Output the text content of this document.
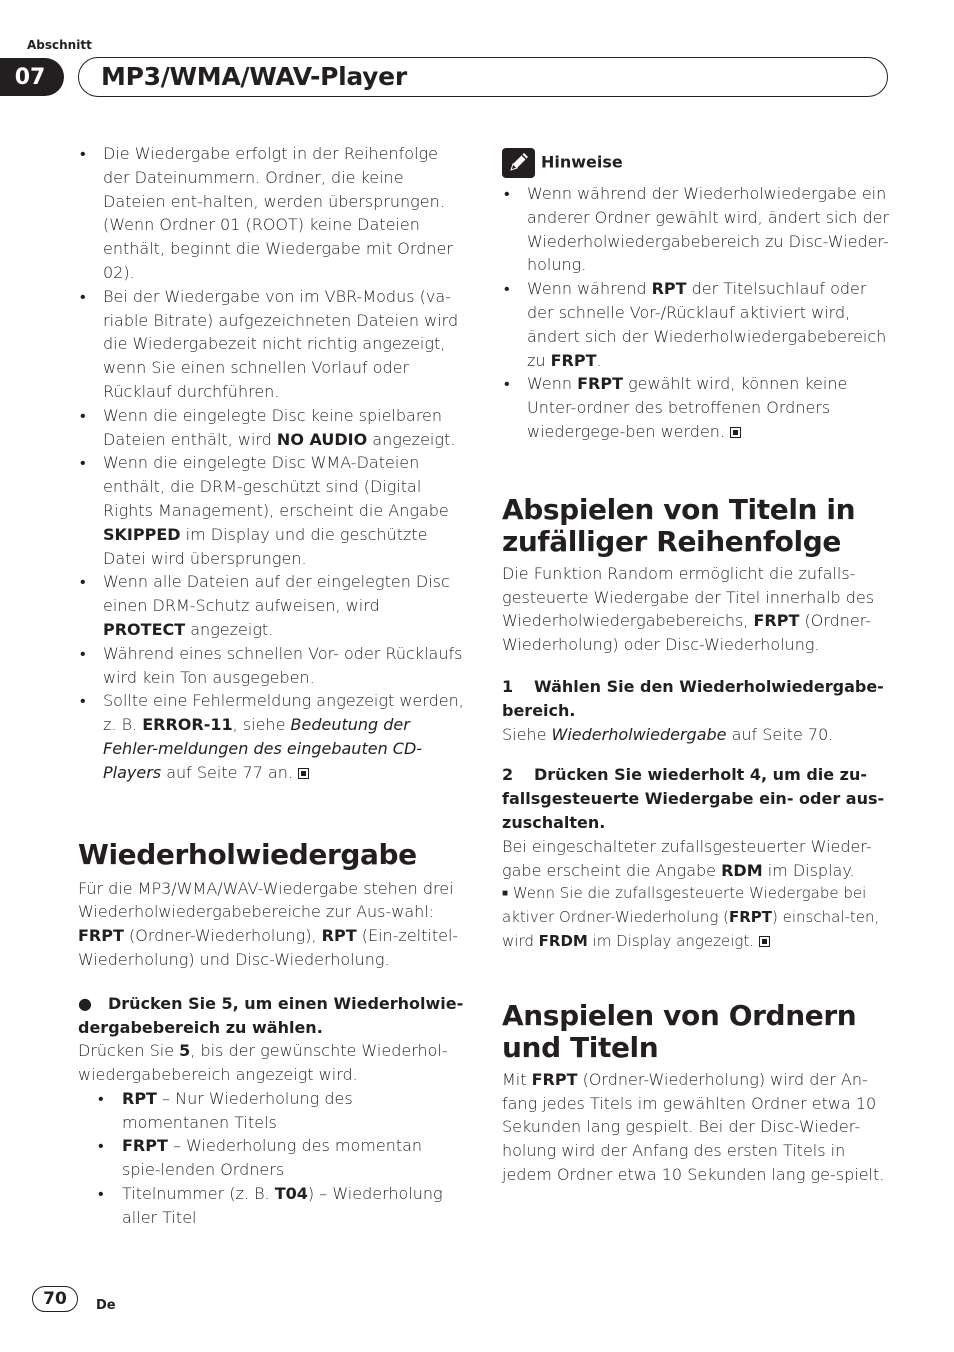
Abschnitt
07	MP3/WMA/WAV-Player
• Die Wiedergabe erfolgt in der Reihenfolge der Dateinummern. Ordner, die keine Dateien ent-halten, werden übersprungen. (Wenn Ordner 01 (ROOT) keine Dateien enthält, beginnt die Wiedergabe mit Ordner 02).
• Bei der Wiedergabe von im VBR-Modus (va-riable Bitrate) aufgezeichneten Dateien wird die Wiedergabezeit nicht richtig angezeigt, wenn Sie einen schnellen Vorlauf oder Rücklauf durchführen.
• Wenn die eingelegte Disc keine spielbaren Dateien enthält, wird NO AUDIO angezeigt.
• Wenn die eingelegte Disc WMA-Dateien enthält, die DRM-geschützt sind (Digital Rights Management), erscheint die Angabe SKIPPED im Display und die geschützte Datei wird übersprungen.
• Wenn alle Dateien auf der eingelegten Disc einen DRM-Schutz aufweisen, wird PROTECT angezeigt.
• Während eines schnellen Vor- oder Rücklaufs wird kein Ton ausgegeben.
• Sollte eine Fehlermeldung angezeigt werden, z. B. ERROR-11, siehe Bedeutung der Fehler-meldungen des eingebauten CD-Players auf Seite 77 an.
Wiederholwiedergabe

Für die MP3/WMA/WAV-Wiedergabe stehen drei Wiederholwiedergabebereiche zur Aus-wahl: FRPT (Ordner-Wiederholung), RPT (Ein-zeltitel-Wiederholung) und Disc-Wiederholung.

● Drücken Sie 5, um einen Wiederholwie-dergabebereich zu wählen.

Drücken Sie 5, bis der gewünschte Wiederhol-wiedergabebereich angezeigt wird.

• RPT – Nur Wiederholung des momentanen Titels
• FRPT – Wiederholung des momentan spie-lenden Ordners
• Titelnummer (z. B. T04) – Wiederholung aller Titel
Hinweise
• Wenn während der Wiederholwiedergabe ein anderer Ordner gewählt wird, ändert sich der Wiederholwiedergabebereich zu Disc-Wieder-holung.
• Wenn während RPT der Titelsuchlauf oder der schnelle Vor-/Rücklauf aktiviert wird, ändert sich der Wiederholwiedergabebereich zu FRPT.
• Wenn FRPT gewählt wird, können keine Unter-ordner des betroffenen Ordners wiedergege-ben werden.
Abspielen von Titeln in zufälliger Reihenfolge

Die Funktion Random ermöglicht die zufalls-gesteuerte Wiedergabe der Titel innerhalb des Wiederholwiedergabebereichs, FRPT (Ordner-Wiederholung) oder Disc-Wiederholung.

1 Wählen Sie den Wiederholwiedergabe-bereich.

Siehe Wiederholwiedergabe auf Seite 70.

2 Drücken Sie wiederholt 4, um die zu-fallsgesteuerte Wiedergabe ein- oder aus-zuschalten.

Bei eingeschalteter zufallsgesteuerter Wieder-gabe erscheint die Angabe RDM im Display.

■ Wenn Sie die zufallsgesteuerte Wiedergabe bei aktiver Ordner-Wiederholung (FRPT) einschal-ten, wird FRDM im Display angezeigt.

Anspielen von Ordnern und Titeln

Mit FRPT (Ordner-Wiederholung) wird der An-fang jedes Titels im gewählten Ordner etwa 10 Sekunden lang gespielt. Bei der Disc-Wieder-holung wird der Anfang des ersten Titels in jedem Ordner etwa 10 Sekunden lang ge-spielt.

70	De
